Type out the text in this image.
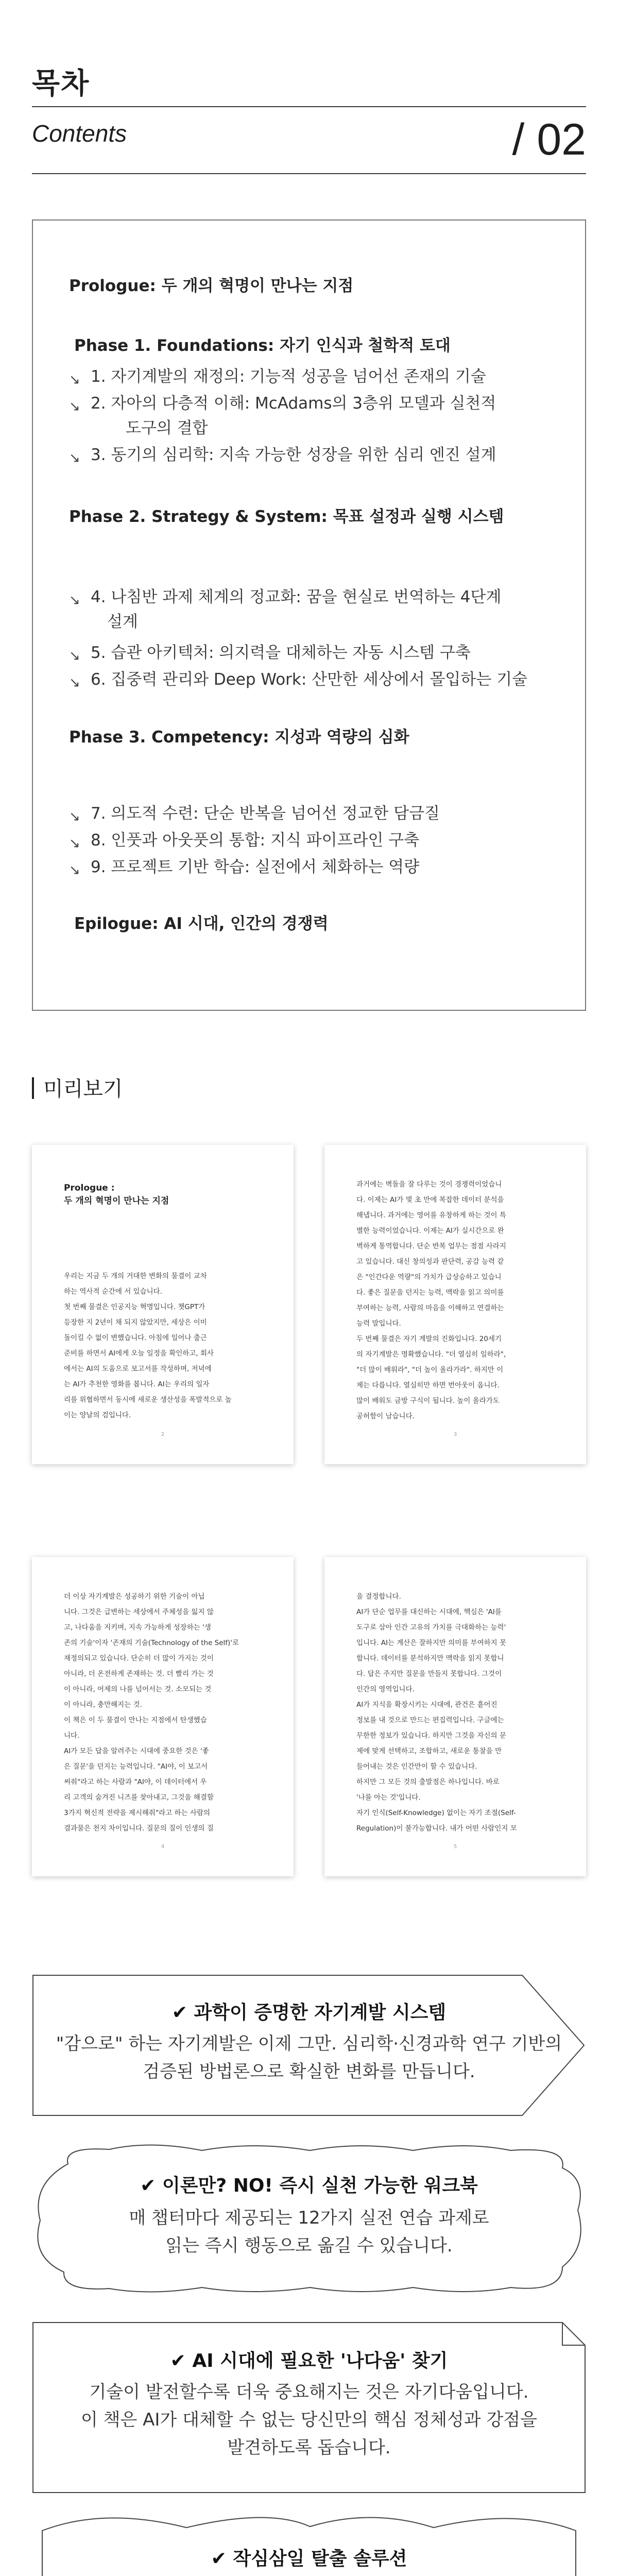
목차
Contents	/ 02
Prologue: 두 개의 혁명이 만나는 지점
Phase 1. Foundations: 자기 인식과 철학적 토대
↘ 1. 자기계발의 재정의: 기능적 성공을 넘어선 존재의 기술
↘ 2. 자아의 다층적 이해: McAdams의 3층위 모델과 실천적
도구의 결합
↘ 3. 동기의 심리학: 지속 가능한 성장을 위한 심리 엔진 설계
Phase 2. Strategy & System: 목표 설정과 실행 시스템
↘ 4. 나침반 과제 체계의 정교화: 꿈을 현실로 번역하는 4단계
설계
↘ 5. 습관 아키텍처: 의지력을 대체하는 자동 시스템 구축
↘ 6. 집중력 관리와 Deep Work: 산만한 세상에서 몰입하는 기술
Phase 3. Competency: 지성과 역량의 심화
↘ 7. 의도적 수련: 단순 반복을 넘어선 정교한 담금질
↘ 8. 인풋과 아웃풋의 통합: 지식 파이프라인 구축
↘ 9. 프로젝트 기반 학습: 실전에서 체화하는 역량
Epilogue: AI 시대, 인간의 경쟁력
미리보기
Prologue :
두 개의 혁명이 만나는 지점
우리는 지금 두 개의 거대한 변화의 물결이 교차
하는 역사적 순간에 서 있습니다.
첫 번째 물결은 인공지능 혁명입니다. 챗GPT가
등장한 지 2년이 채 되지 않았지만, 세상은 이미
돌이킬 수 없이 변했습니다. 아침에 일어나 출근
준비를 하면서 AI에게 오늘 일정을 확인하고, 회사
에서는 AI의 도움으로 보고서를 작성하며, 저녁에
는 AI가 추천한 영화를 봅니다. AI는 우리의 일자
리를 위협하면서 동시에 새로운 생산성을 폭발적으로 높
이는 양날의 검입니다.
2
과거에는 벽돌을 잘 다루는 것이 경쟁력이었습니
다. 이제는 AI가 몇 초 만에 복잡한 데이터 분석을
해냅니다. 과거에는 영어를 유창하게 하는 것이 특
별한 능력이었습니다. 이제는 AI가 실시간으로 완
벽하게 통역합니다. 단순 반복 업무는 점점 사라지
고 있습니다. 대신 창의성과 판단력, 공감 능력 같
은 "인간다운 역량"의 가치가 급상승하고 있습니
다. 좋은 질문을 던지는 능력, 맥락을 읽고 의미를
부여하는 능력, 사람의 마음을 이해하고 연결하는
능력 말입니다.
두 번째 물결은 자기 계발의 진화입니다. 20세기
의 자기계발은 명확했습니다. "더 열심히 일하라",
"더 많이 배워라", "더 높이 올라가라". 하지만 이
제는 다릅니다. 열심히만 하면 번아웃이 옵니다.
많이 배워도 금방 구식이 됩니다. 높이 올라가도
공허함이 남습니다.
3
더 이상 자기계발은 성공하기 위한 기술이 아닙
니다. 그것은 급변하는 세상에서 주체성을 잃지 않
고, 나다움을 지키며, 지속 가능하게 성장하는 '생
존의 기술'이자 '존재의 기술(Technology of the Self)'로
재정의되고 있습니다. 단순히 더 많이 가지는 것이
아니라, 더 온전하게 존재하는 것. 더 빨리 가는 것
이 아니라, 어제의 나를 넘어서는 것. 소모되는 것
이 아니라, 충만해지는 것.
이 책은 이 두 물결이 만나는 지점에서 탄생했습
니다.
AI가 모든 답을 알려주는 시대에 중요한 것은 '좋
은 질문'을 던지는 능력입니다. "AI야, 이 보고서
써줘"라고 하는 사람과 "AI야, 이 데이터에서 우
리 고객의 숨겨진 니즈를 찾아내고, 그것을 해결할
3가지 혁신적 전략을 제시해줘"라고 하는 사람의
결과물은 천지 차이입니다. 질문의 질이 인생의 질
4
을 결정합니다.
AI가 단순 업무를 대신하는 시대에, 핵심은 'AI를
도구로 삼아 인간 고유의 가치를 극대화하는 능력'
입니다. AI는 계산은 잘하지만 의미를 부여하지 못
합니다. 데이터를 분석하지만 맥락을 읽지 못합니
다. 답은 주지만 질문을 만들지 못합니다. 그것이
인간의 영역입니다.
AI가 지식을 확장시키는 시대에, 관건은 흩어진
정보를 내 것으로 만드는 편집력입니다. 구글에는
무한한 정보가 있습니다. 하지만 그것을 자신의 문
제에 맞게 선택하고, 조합하고, 새로운 통찰을 만
들어내는 것은 인간만이 할 수 있습니다.
하지만 그 모든 것의 출발점은 하나입니다. 바로
'나를 아는 것'입니다.
자기 인식(Self-Knowledge) 없이는 자기 조절(Self-
Regulation)이 불가능합니다. 내가 어떤 사람인지 모
5
✔ 과학이 증명한 자기계발 시스템
"감으로" 하는 자기계발은 이제 그만. 심리학·신경과학 연구 기반의
검증된 방법론으로 확실한 변화를 만듭니다.
✔ 이론만? NO! 즉시 실천 가능한 워크북
매 챕터마다 제공되는 12가지 실전 연습 과제로
읽는 즉시 행동으로 옮길 수 있습니다.
✔ AI 시대에 필요한 '나다움' 찾기
기술이 발전할수록 더욱 중요해지는 것은 자기다움입니다.
이 책은 AI가 대체할 수 없는 당신만의 핵심 정체성과 강점을
발견하도록 돕습니다.
✔ 작심삼일 탈출 솔루션
